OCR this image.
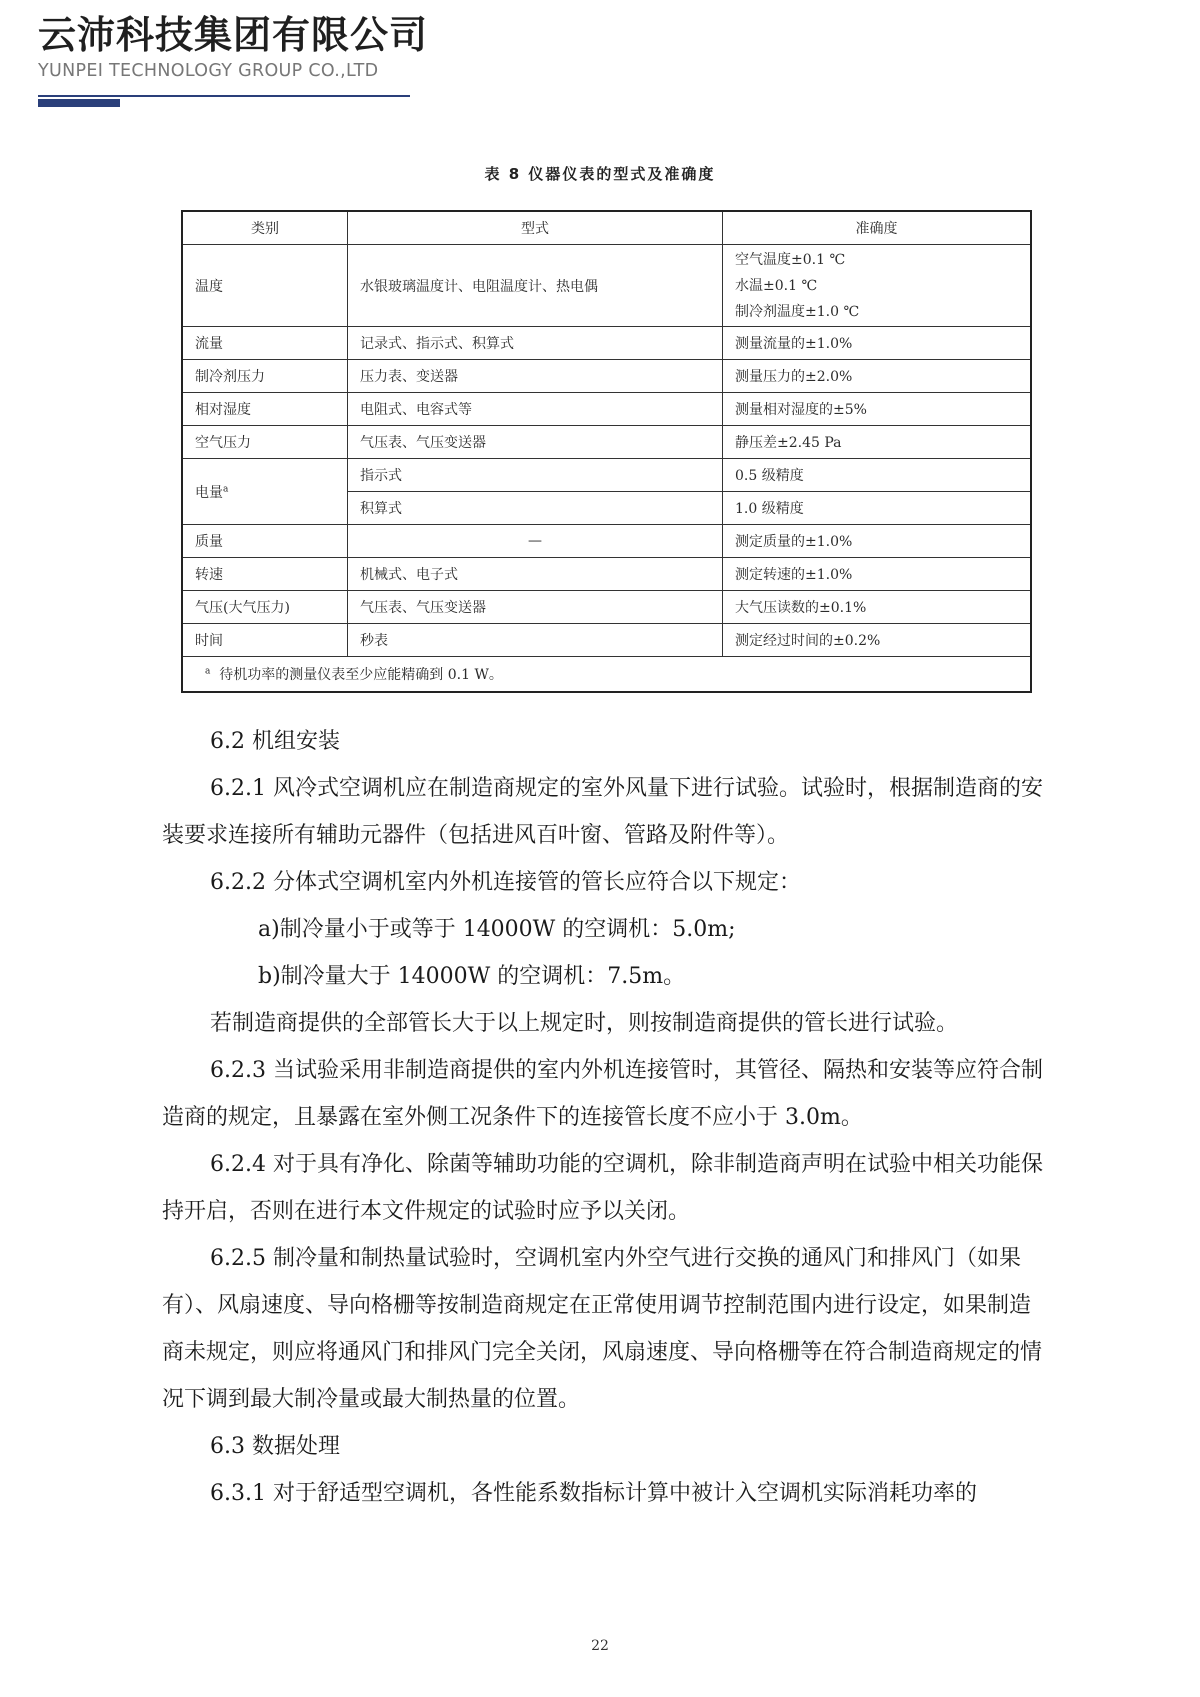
云沛科技集团有限公司
YUNPEI TECHNOLOGY GROUP CO.,LTD
表 8 仪器仪表的型式及准确度
类别	型式	准确度
温度	水银玻璃温度计、电阻温度计、热电偶	空气温度±0.1 ℃
水温±0.1 ℃
制冷剂温度±1.0 ℃

流量	记录式、指示式、积算式	测量流量的±1.0%
制冷剂压力	压力表、变送器	测量压力的±2.0%
相对湿度	电阻式、电容式等	测量相对湿度的±5%
空气压力	气压表、气压变送器	静压差±2.45 Pa
电量$^a$	指示式	0.5 级精度
	积算式	1.0 级精度
质量	—	测定质量的±1.0%
转速	机械式、电子式	测定转速的±1.0%
气压(大气压力)	气压表、气压变送器	大气压读数的±0.1%
时间	秒表	测定经过时间的±0.2%
$^a$ 待机功率的测量仪表至少应能精确到 0.1 W。		

6.2 机组安装

6.2.1 风冷式空调机应在制造商规定的室外风量下进行试验。试验时，根据制造商的安装要求连接所有辅助元器件（包括进风百叶窗、管路及附件等）。

6.2.2 分体式空调机室内外机连接管的管长应符合以下规定：

a)制冷量小于或等于 14000W 的空调机：5.0m;

b)制冷量大于 14000W 的空调机：7.5m。

若制造商提供的全部管长大于以上规定时，则按制造商提供的管长进行试验。

6.2.3 当试验采用非制造商提供的室内外机连接管时，其管径、隔热和安装等应符合制造商的规定，且暴露在室外侧工况条件下的连接管长度不应小于 3.0m。

6.2.4 对于具有净化、除菌等辅助功能的空调机，除非制造商声明在试验中相关功能保持开启，否则在进行本文件规定的试验时应予以关闭。

6.2.5 制冷量和制热量试验时，空调机室内外空气进行交换的通风门和排风门（如果有）、风扇速度、导向格栅等按制造商规定在正常使用调节控制范围内进行设定，如果制造商未规定，则应将通风门和排风门完全关闭，风扇速度、导向格栅等在符合制造商规定的情况下调到最大制冷量或最大制热量的位置。

6.3 数据处理

6.3.1 对于舒适型空调机，各性能系数指标计算中被计入空调机实际消耗功率的

22
